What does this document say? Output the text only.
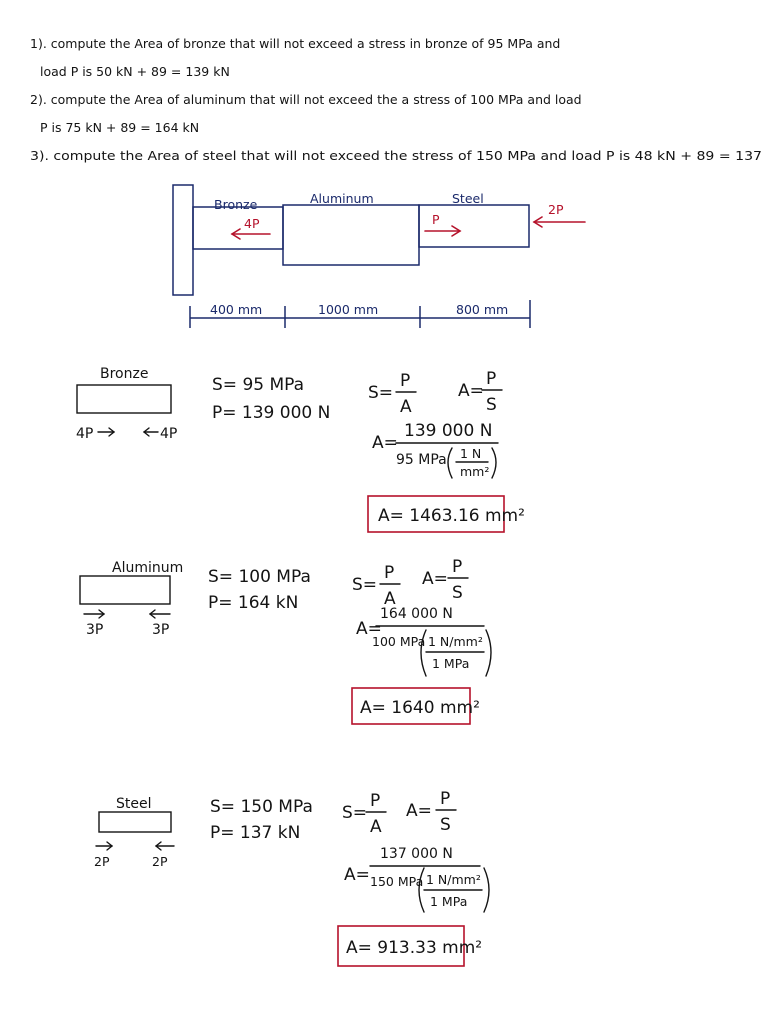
1). compute the Area of bronze that will not exceed a stress in bronze of 95 MPa and
load P is 50 kN + 89 = 139 kN
2). compute the Area of aluminum that will not exceed the a stress of 100 MPa and load
P is 75 kN + 89 = 164 kN
3). compute the Area of steel that will not exceed the stress of 150 MPa and load P is 48 kN + 89 = 137
Bronze	Aluminum	Steel
4P	P
2P
400 mm	1000 mm	800 mm
Bronze
4P	4P
S= 95 MPa
P= 139 000 N
S=
P
A
A=
P
S
A=
139 000 N
95 MPa 1 N
mm²
A= 1463.16 mm²
Aluminum
3P	3P
S= 100 MPa
P= 164 kN
S=
P
A
A=
P
S
A=
164 000 N
100 MPa 1 N/mm²
1 MPa
A= 1640 mm²
Steel
2P	2P
S= 150 MPa
P= 137 kN
S=
P
A
A=
P
S
A=
137 000 N
150 MPa 1 N/mm²
1 MPa
A= 913.33 mm²
